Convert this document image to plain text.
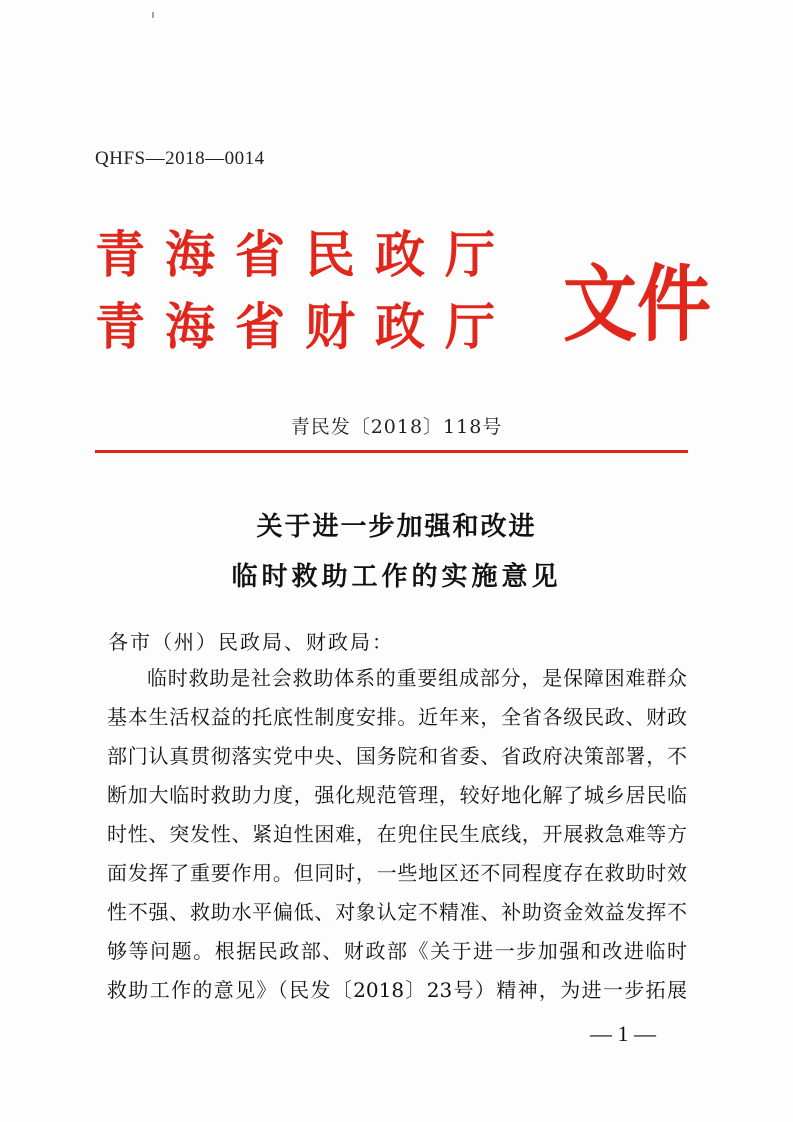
QHFS—2018—0014
青海省民政厅
青海省财政厅 文件
青民发〔2018〕118号
关于进一步加强和改进
临时救助工作的实施意见
各市（州）民政局、财政局：
临时救助是社会救助体系的重要组成部分，是保障困难群众
基本生活权益的托底性制度安排。近年来，全省各级民政、财政
部门认真贯彻落实党中央、国务院和省委、省政府决策部署，不
断加大临时救助力度，强化规范管理，较好地化解了城乡居民临
时性、突发性、紧迫性困难，在兜住民生底线，开展救急难等方
面发挥了重要作用。但同时，一些地区还不同程度存在救助时效
性不强、救助水平偏低、对象认定不精准、补助资金效益发挥不
够等问题。根据民政部、财政部《关于进一步加强和改进临时
救助工作的意见》（民发〔2018〕23号）精神，为进一步拓展
— 1 —
